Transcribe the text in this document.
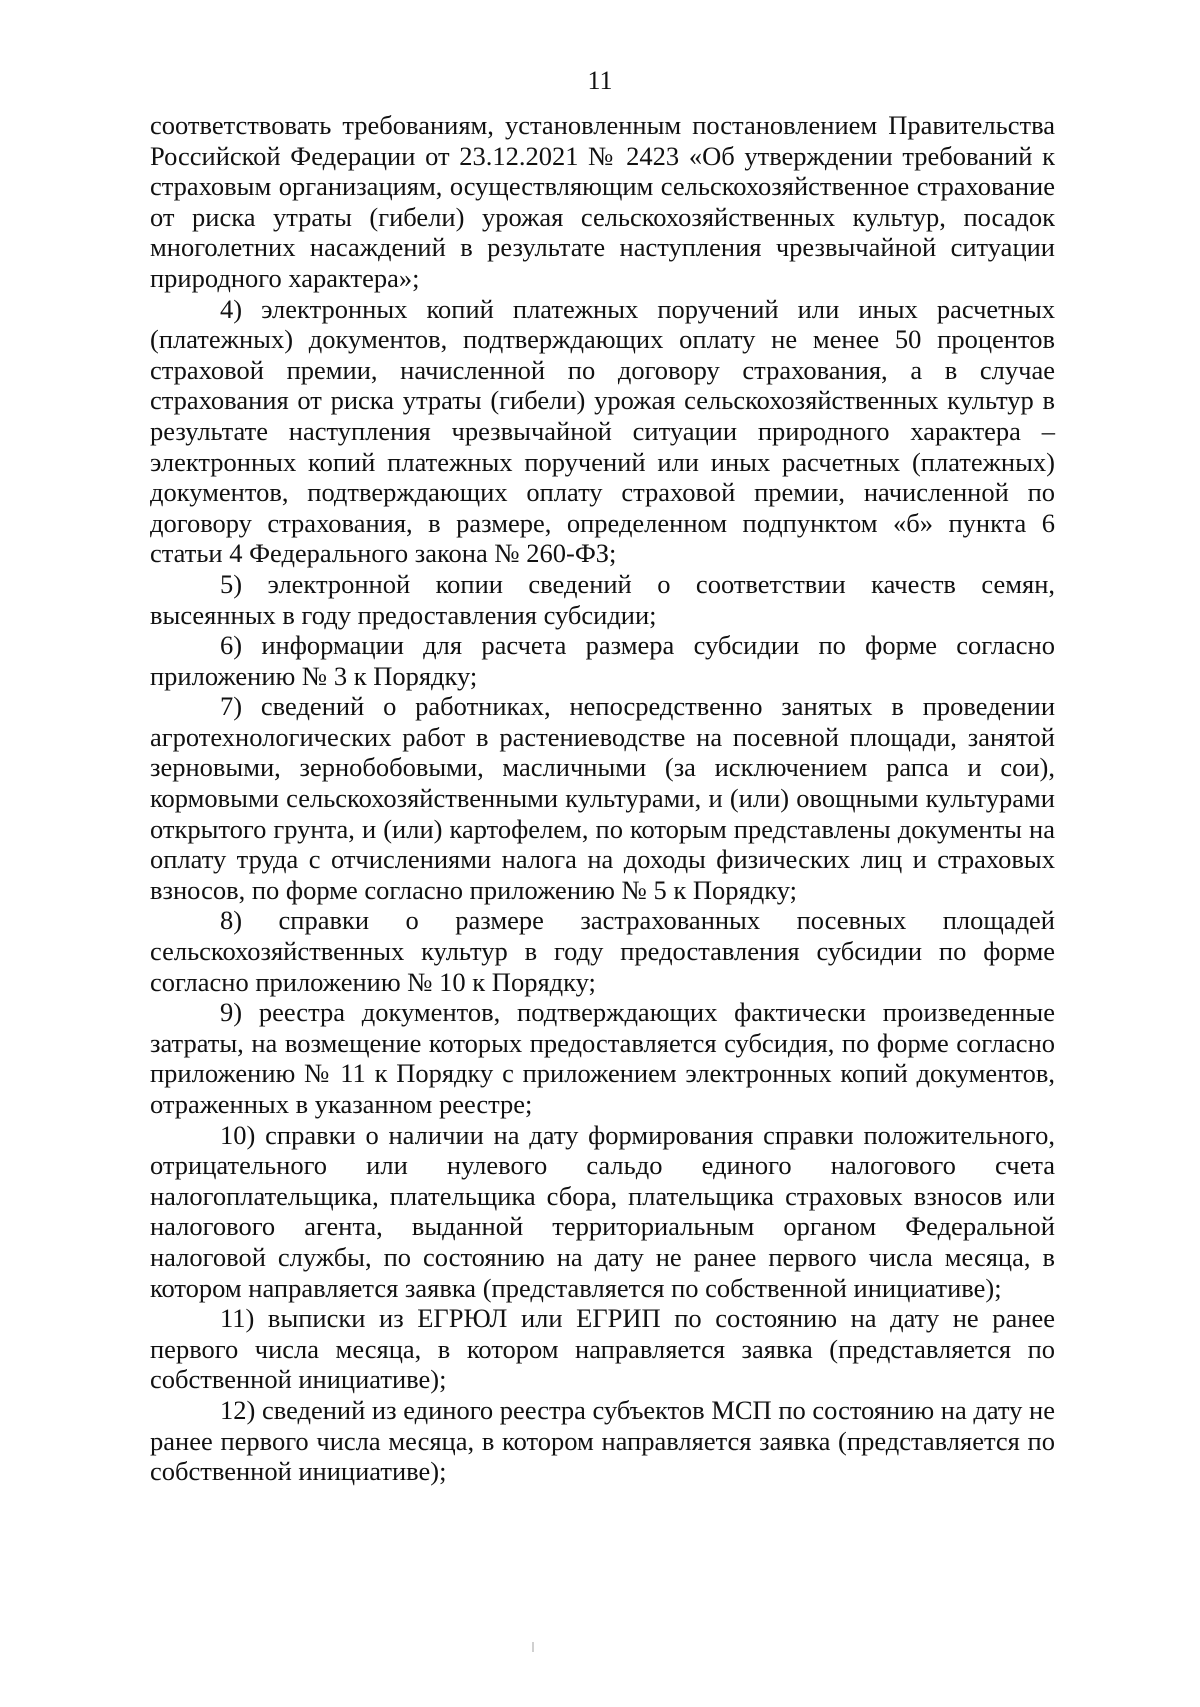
11

соответствовать требованиям, установленным постановлением Правительства Российской Федерации от 23.12.2021 № 2423 «Об утверждении требований к страховым организациям, осуществляющим сельскохозяйственное страхование от риска утраты (гибели) урожая сельскохозяйственных культур, посадок многолетних насаждений в результате наступления чрезвычайной ситуации природного характера»;

4) электронных копий платежных поручений или иных расчетных (платежных) документов, подтверждающих оплату не менее 50 процентов страховой премии, начисленной по договору страхования, а в случае страхования от риска утраты (гибели) урожая сельскохозяйственных культур в результате наступления чрезвычайной ситуации природного характера – электронных копий платежных поручений или иных расчетных (платежных) документов, подтверждающих оплату страховой премии, начисленной по договору страхования, в размере, определенном подпунктом «б» пункта 6 статьи 4 Федерального закона № 260-ФЗ;

5) электронной копии сведений о соответствии качеств семян, высеянных в году предоставления субсидии;

6) информации для расчета размера субсидии по форме согласно приложению № 3 к Порядку;

7) сведений о работниках, непосредственно занятых в проведении агротехнологических работ в растениеводстве на посевной площади, занятой зерновыми, зернобобовыми, масличными (за исключением рапса и сои), кормовыми сельскохозяйственными культурами, и (или) овощными культурами открытого грунта, и (или) картофелем, по которым представлены документы на оплату труда с отчислениями налога на доходы физических лиц и страховых взносов, по форме согласно приложению № 5 к Порядку;

8) справки о размере застрахованных посевных площадей сельскохозяйственных культур в году предоставления субсидии по форме согласно приложению № 10 к Порядку;

9) реестра документов, подтверждающих фактически произведенные затраты, на возмещение которых предоставляется субсидия, по форме согласно приложению № 11 к Порядку с приложением электронных копий документов, отраженных в указанном реестре;

10) справки о наличии на дату формирования справки положительного, отрицательного или нулевого сальдо единого налогового счета налогоплательщика, плательщика сбора, плательщика страховых взносов или налогового агента, выданной территориальным органом Федеральной налоговой службы, по состоянию на дату не ранее первого числа месяца, в котором направляется заявка (представляется по собственной инициативе);

11) выписки из ЕГРЮЛ или ЕГРИП по состоянию на дату не ранее первого числа месяца, в котором направляется заявка (представляется по собственной инициативе);

12) сведений из единого реестра субъектов МСП по состоянию на дату не ранее первого числа месяца, в котором направляется заявка (представляется по собственной инициативе);
